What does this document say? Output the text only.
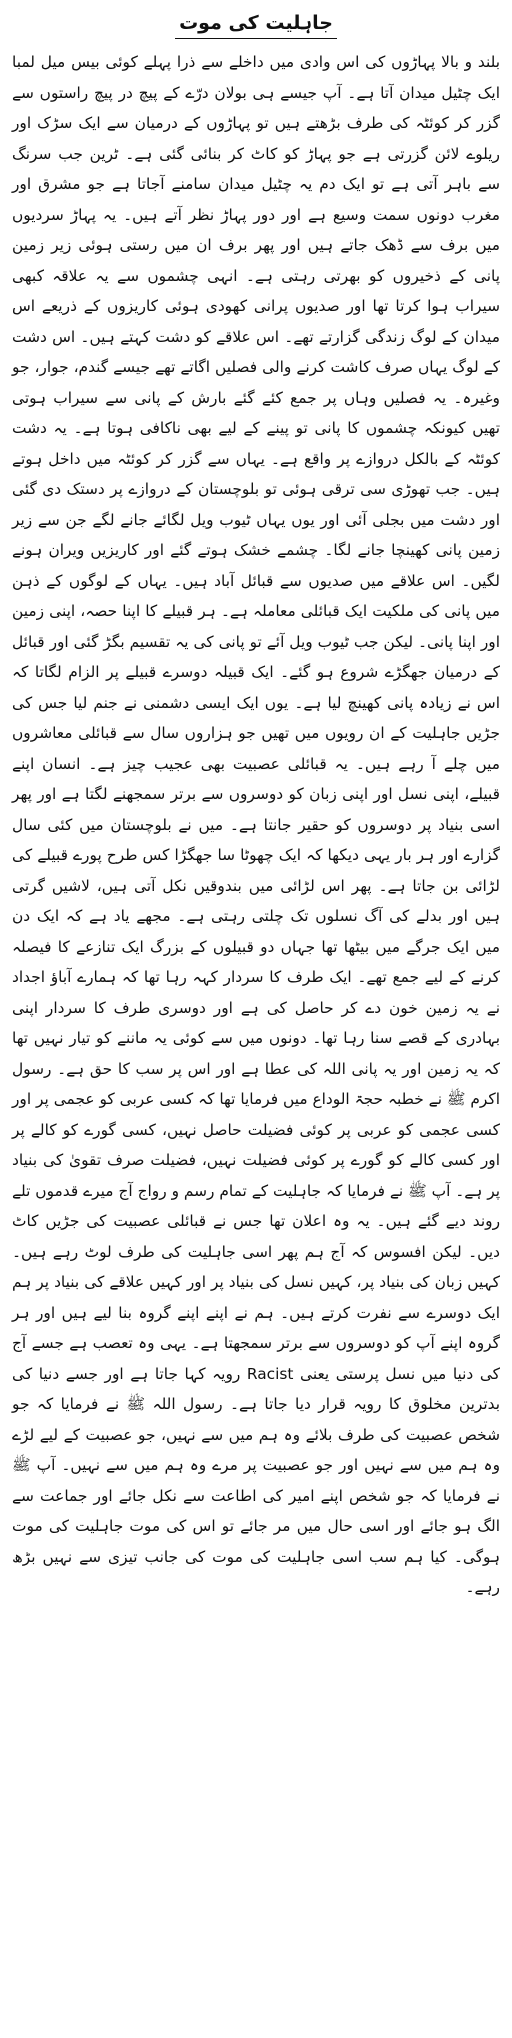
جاہلیت کی موت

بلند و بالا پہاڑوں کی اس وادی میں داخلے سے ذرا پہلے کوئی بیس میل لمبا ایک چٹیل میدان آتا ہے۔ آپ جیسے ہی بولان درّے کے پیچ در پیچ راستوں سے گزر کر کوئٹہ کی طرف بڑھتے ہیں تو پہاڑوں کے درمیان سے ایک سڑک اور ریلوے لائن گزرتی ہے جو پہاڑ کو کاٹ کر بنائی گئی ہے۔ ٹرین جب سرنگ سے باہر آتی ہے تو ایک دم یہ چٹیل میدان سامنے آجاتا ہے جو مشرق اور مغرب دونوں سمت وسیع ہے اور دور پہاڑ نظر آتے ہیں۔ یہ پہاڑ سردیوں میں برف سے ڈھک جاتے ہیں اور پھر برف ان میں رستی ہوئی زیر زمین پانی کے ذخیروں کو بھرتی رہتی ہے۔ انہی چشموں سے یہ علاقہ کبھی سیراب ہوا کرتا تھا اور صدیوں پرانی کھودی ہوئی کاریزوں کے ذریعے اس میدان کے لوگ زندگی گزارتے تھے۔ اس علاقے کو دشت کہتے ہیں۔ اس دشت کے لوگ یہاں صرف کاشت کرنے والی فصلیں اگاتے تھے جیسے گندم، جوار، جو وغیرہ۔ یہ فصلیں وہاں پر جمع کئے گئے بارش کے پانی سے سیراب ہوتی تھیں کیونکہ چشموں کا پانی تو پینے کے لیے بھی ناکافی ہوتا ہے۔ یہ دشت کوئٹہ کے بالکل دروازے پر واقع ہے۔ یہاں سے گزر کر کوئٹہ میں داخل ہوتے ہیں۔ جب تھوڑی سی ترقی ہوئی تو بلوچستان کے دروازے پر دستک دی گئی اور دشت میں بجلی آئی اور یوں یہاں ٹیوب ویل لگائے جانے لگے جن سے زیر زمین پانی کھینچا جانے لگا۔ چشمے خشک ہوتے گئے اور کاریزیں ویران ہونے لگیں۔ اس علاقے میں صدیوں سے قبائل آباد ہیں۔ یہاں کے لوگوں کے ذہن میں پانی کی ملکیت ایک قبائلی معاملہ ہے۔ ہر قبیلے کا اپنا حصہ، اپنی زمین اور اپنا پانی۔ لیکن جب ٹیوب ویل آئے تو پانی کی یہ تقسیم بگڑ گئی اور قبائل کے درمیان جھگڑے شروع ہو گئے۔ ایک قبیلہ دوسرے قبیلے پر الزام لگاتا کہ اس نے زیادہ پانی کھینچ لیا ہے۔ یوں ایک ایسی دشمنی نے جنم لیا جس کی جڑیں جاہلیت کے ان رویوں میں تھیں جو ہزاروں سال سے قبائلی معاشروں میں چلے آ رہے ہیں۔ یہ قبائلی عصبیت بھی عجیب چیز ہے۔ انسان اپنے قبیلے، اپنی نسل اور اپنی زبان کو دوسروں سے برتر سمجھنے لگتا ہے اور پھر اسی بنیاد پر دوسروں کو حقیر جانتا ہے۔ میں نے بلوچستان میں کئی سال گزارے اور ہر بار یہی دیکھا کہ ایک چھوٹا سا جھگڑا کس طرح پورے قبیلے کی لڑائی بن جاتا ہے۔ پھر اس لڑائی میں بندوقیں نکل آتی ہیں، لاشیں گرتی ہیں اور بدلے کی آگ نسلوں تک چلتی رہتی ہے۔ مجھے یاد ہے کہ ایک دن میں ایک جرگے میں بیٹھا تھا جہاں دو قبیلوں کے بزرگ ایک تنازعے کا فیصلہ کرنے کے لیے جمع تھے۔ ایک طرف کا سردار کہہ رہا تھا کہ ہمارے آباؤ اجداد نے یہ زمین خون دے کر حاصل کی ہے اور دوسری طرف کا سردار اپنی بہادری کے قصے سنا رہا تھا۔ دونوں میں سے کوئی یہ ماننے کو تیار نہیں تھا کہ یہ زمین اور یہ پانی اللہ کی عطا ہے اور اس پر سب کا حق ہے۔ رسول اکرم ﷺ نے خطبہ حجۃ الوداع میں فرمایا تھا کہ کسی عربی کو عجمی پر اور کسی عجمی کو عربی پر کوئی فضیلت حاصل نہیں، کسی گورے کو کالے پر اور کسی کالے کو گورے پر کوئی فضیلت نہیں، فضیلت صرف تقویٰ کی بنیاد پر ہے۔ آپ ﷺ نے فرمایا کہ جاہلیت کے تمام رسم و رواج آج میرے قدموں تلے روند دیے گئے ہیں۔ یہ وہ اعلان تھا جس نے قبائلی عصبیت کی جڑیں کاٹ دیں۔ لیکن افسوس کہ آج ہم پھر اسی جاہلیت کی طرف لوٹ رہے ہیں۔ کہیں زبان کی بنیاد پر، کہیں نسل کی بنیاد پر اور کہیں علاقے کی بنیاد پر ہم ایک دوسرے سے نفرت کرتے ہیں۔ ہم نے اپنے اپنے گروہ بنا لیے ہیں اور ہر گروہ اپنے آپ کو دوسروں سے برتر سمجھتا ہے۔ یہی وہ تعصب ہے جسے آج کی دنیا میں نسل پرستی یعنی Racist رویہ کہا جاتا ہے اور جسے دنیا کی بدترین مخلوق کا رویہ قرار دیا جاتا ہے۔ رسول اللہ ﷺ نے فرمایا کہ جو شخص عصبیت کی طرف بلائے وہ ہم میں سے نہیں، جو عصبیت کے لیے لڑے وہ ہم میں سے نہیں اور جو عصبیت پر مرے وہ ہم میں سے نہیں۔ آپ ﷺ نے فرمایا کہ جو شخص اپنے امیر کی اطاعت سے نکل جائے اور جماعت سے الگ ہو جائے اور اسی حال میں مر جائے تو اس کی موت جاہلیت کی موت ہوگی۔ کیا ہم سب اسی جاہلیت کی موت کی جانب تیزی سے نہیں بڑھ رہے۔
